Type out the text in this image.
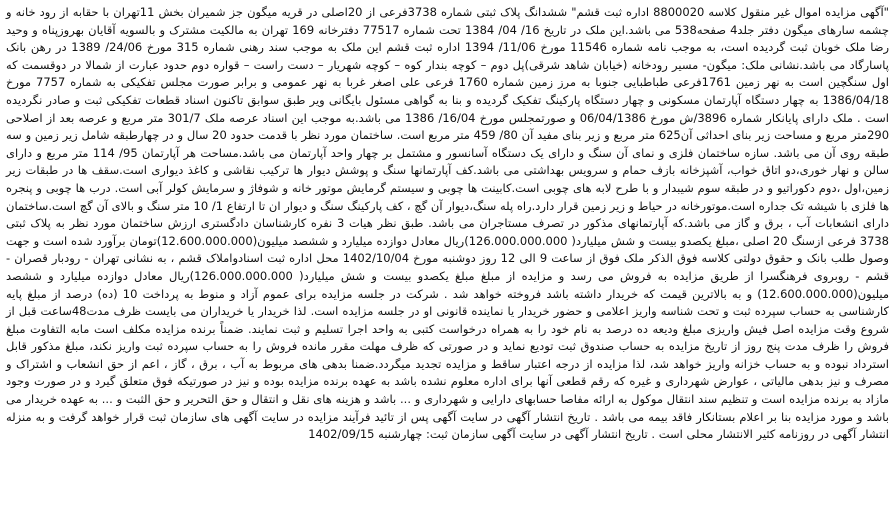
"آگهی مزایده اموال غیر منقول کلاسه 8800020 اداره ثبت قشم" ششدانگ پلاک ثبتی شماره 3738فرعی از 20اصلی در قریه میگون جز شمیران بخش 11تهران با حقابه از رود خانه و چشمه سارهای میگون دفتر جلد4 صفحه538 می باشد.این ملک در تاریخ 16/ 04/ 1384 تحت شماره 77517 دفترخانه 169 تهران به مالکیت مشترک و بالسویه آقایان بهروزپناه و وحید رضا ملک خوبان ثبت گردیده است، به موجب نامه شماره 11546 مورخ 11/06/ 1394 اداره ثبت قشم این ملک به موجب سند رهنی شماره 315 مورخ 24/06/ 1389 در رهن بانک پاسارگاد می باشد.نشانی ملک: میگون- مسیر رودخانه (خیابان شاهد شرقی)پل دوم – کوچه بندار کوه – کوچه شهریار – دست راست – قواره دوم حدود عبارت از شمالا در دوقسمت که اول سنگچین است به نهر زمین 1761فرعی طباطبایی جنوبا به مرز زمین شماره 1760 فرعی علی اصغر غربا به نهر عمومی و برابر صورت مجلس تفکیکی به شماره 7757 مورخ 1386/04/18 به چهار دستگاه آپارتمان مسکونی و چهار دستگاه پارکینگ تفکیک گردیده و بنا به گواهی مسئول بایگانی ویر طبق سوابق تاکنون اسناد قطعات تفکیکی ثبت و صادر نگردیده است . ملک دارای پایانکار شماره 3896/ش مورخ 06/04/1386 و صورتمجلس مورخ 16/04/ 1386 می باشد.به موجب این اسناد عرصه ملک 301/7 متر مربع و عرصه بعد از اصلاحی 290متر مربع و مساحت زیر بنای احداثی آن625 متر مربع و زیر بنای مفید آن 80/ 459 متر مربع است. ساختمان مورد نظر با قدمت حدود 20 سال و در چهارطبقه شامل زیر زمین و سه طبقه روی آن می باشد. سازه ساختمان فلزی و نمای آن سنگ و دارای یک دستگاه آسانسور و مشتمل بر چهار واحد آپارتمان می باشد.مساحت هر آپارتمان 95/ 114 متر مربع و دارای سالن و نهار خوری،دو اتاق خواب، آشپزخانه بازف حمام و سرویس بهداشتی می باشد.کف آپارتمانها سنگ و پوشش دیوار ها ترکیب نقاشی و کاغذ دیواری است.سقف ها در طبقات زیر زمین،اول ،دوم دکوراتیو و در طبقه سوم شیبدار و با طرح لابه های چوبی است.کابینت ها چوبی و سیستم گرمایش موتور خانه و شوفاژ و سرمایش کولر آبی است. درب ها چوبی و پنجره ها فلزی با شیشه تک جداره است.موتورخانه در حیاط و زیر زمین قرار دارد.راه پله سنگ،دیوار آن گچ ، کف پارکینگ سنگ و دیوار ان تا ارتفاع 1/ 10 متر سنگ و بالای آن گچ است.ساختمان دارای انشعابات آب ، برق و گاز می باشد.که آپارتمانهای مذکور در تصرف مستاجران می باشد. طبق نظر هیات 3 نفره کارشناسان دادگستری ارزش ساختمان مورد نظر به پلاک ثبتی 3738 فرعی ازسنگ 20 اصلی ،مبلغ یکصدو بیست و شش میلیارد( 126.000.000.000)ریال معادل دوازده میلیارد و ششصد میلیون(12.600.000.000)تومان برآورد شده است و جهت وصول طلب بانک و حقوق دولتی کلاسه فوق الذکر ملک فوق از ساعت 9 الی 12 روز دوشنبه مورخ 1402/10/04 محل اداره ثبت اسنادواملاک قشم ، به نشانی تهران - رودبار قصران - قشم - روبروی فرهنگسرا از طریق مزایده به فروش می رسد و مزایده از مبلغ مبلغ یکصدو بیست و شش میلیارد( 126.000.000.000)ریال معادل دوازده میلیارد و ششصد میلیون(12.600.000.000) و به بالاترین قیمت که خریدار داشته باشد فروخته خواهد شد . شرکت در جلسه مزایده برای عموم آزاد و منوط به پرداخت 10 (ده) درصد از مبلغ پایه کارشناسی به حساب سپرده ثبت و تحت شناسه واریز اعلامی و حضور خریدار یا نماینده قانونی او در جلسه مزایده است. لذا خریدار یا خریداران می بایست ظرف مدت48ساعت قبل از شروع وقت مزایده اصل فیش واریزی مبلغ ودیعه ده درصد به نام خود را به همراه درخواست کتبی به واحد اجرا تسلیم و ثبت نمایند. ضمناً برنده مزایده مکلف است مابه التفاوت مبلغ فروش را ظرف مدت پنج روز از تاریخ مزایده به حساب صندوق ثبت تودیع نماید و در صورتی که ظرف مهلت مقرر مانده فروش را به حساب سپرده ثبت واریز نکند، مبلغ مذکور قابل استرداد نبوده و به حساب خزانه واریز خواهد شد، لذا مزایده از درجه اعتبار ساقط و مزایده تجدید میگردد.ضمنا بدهی های مربوط به آب ، برق ، گاز ، اعم از حق انشعاب و اشتراک و مصرف و نیز بدهی مالیاتی ، عوارض شهرداری و غیره که رقم قطعی آنها برای اداره معلوم نشده باشد به عهده برنده مزایده بوده و نیز در صورتیکه فوق متعلق گیرد و در صورت وجود مازاد به برنده مزایده است و تنظیم سند انتقال موکول به ارائه مفاصا حسابهای دارایی و شهرداری و ... باشد و هزینه های نقل و انتقال و حق التحریر و حق الثبت و ... به عهده خریدار می باشد و مورد مزایده بنا بر اعلام بستانکار فاقد بیمه می باشد . تاریخ انتشار آگهی در سایت آگهی پس از تائید فرآیند مزایده در سایت آگهی های سازمان ثبت قرار خواهد گرفت و به منزله انتشار آگهی در روزنامه کثیر الانتشار محلی است . تاریخ انتشار آگهی در سایت آگهی سازمان ثبت: چهارشنبه 1402/09/15
